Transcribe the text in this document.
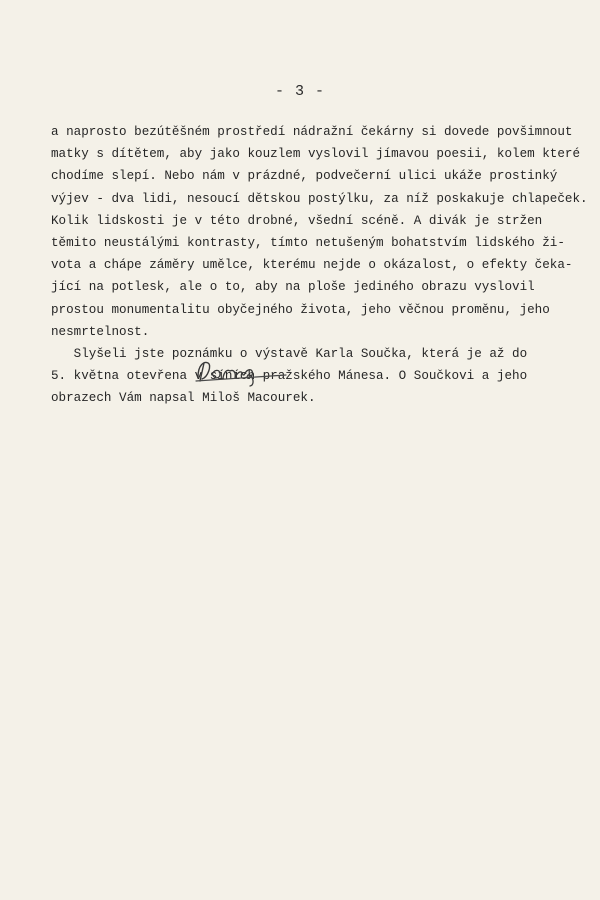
- 3 -
a naprosto bezútěšném prostředí nádražní čekárny si dovede povšimnout
matky s dítětem, aby jako kouzlem vyslovil jímavou poesii, kolem které
chodíme slepí. Nebo nám v prázdné, podvečerní ulici ukáže prostinký
výjev - dva lidi, nesoucí dětskou postýlku, za níž poskakuje chlapeček.
Kolik lidskosti je v této drobné, všední scéně. A divák je stržen
těmito neustálými kontrasty, tímto netušeným bohatstvím lidského ži-
vota a chápe záměry umělce, kterému nejde o okázalost, o efekty čeka-
jící na potlesk, ale o to, aby na ploše jediného obrazu vyslovil
prostou monumentalitu obyčejného života, jeho věčnou proměnu, jeho
nesmrtelnost.
Slyšeli jste poznámku o výstavě Karla Součka, která je až do
5. května otevřena v síních pražského Mánesa. O Součkovi a jeho
obrazech Vám napsal Miloš Macourek.
